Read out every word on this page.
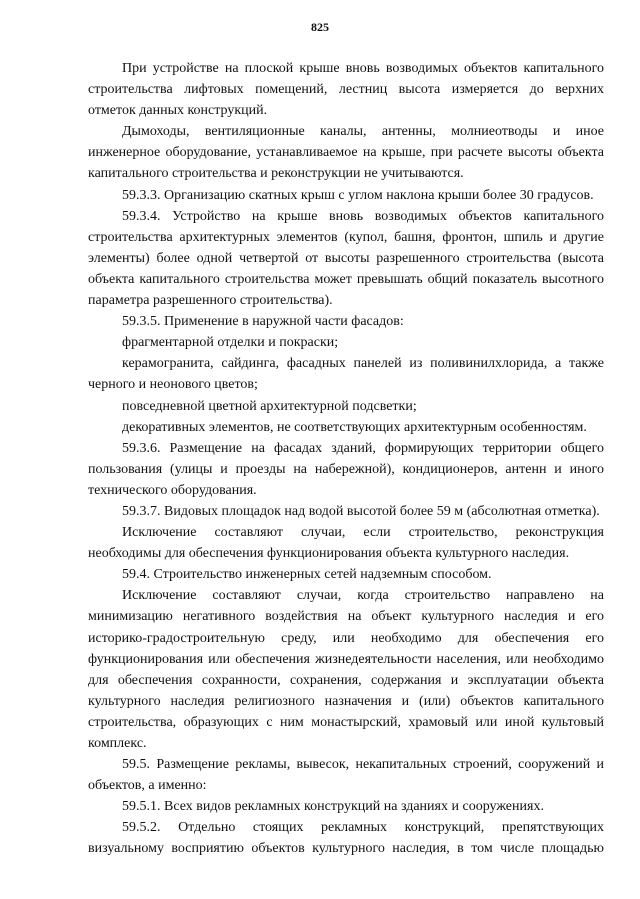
825
При устройстве на плоской крыше вновь возводимых объектов капитального
строительства лифтовых помещений, лестниц высота измеряется до верхних
отметок данных конструкций.
Дымоходы, вентиляционные каналы, антенны, молниеотводы и иное
инженерное оборудование, устанавливаемое на крыше, при расчете высоты объекта
капитального строительства и реконструкции не учитываются.
59.3.3. Организацию скатных крыш с углом наклона крыши более 30 градусов.
59.3.4. Устройство на крыше вновь возводимых объектов капитального
строительства архитектурных элементов (купол, башня, фронтон, шпиль и другие
элементы) более одной четвертой от высоты разрешенного строительства (высота
объекта капитального строительства может превышать общий показатель высотного
параметра разрешенного строительства).
59.3.5. Применение в наружной части фасадов:
фрагментарной отделки и покраски;
керамогранита, сайдинга, фасадных панелей из поливинилхлорида, а также
черного и неонового цветов;
повседневной цветной архитектурной подсветки;
декоративных элементов, не соответствующих архитектурным особенностям.
59.3.6. Размещение на фасадах зданий, формирующих территории общего
пользования (улицы и проезды на набережной), кондиционеров, антенн и иного
технического оборудования.
59.3.7. Видовых площадок над водой высотой более 59 м (абсолютная отметка).
Исключение составляют случаи, если строительство, реконструкция
необходимы для обеспечения функционирования объекта культурного наследия.
59.4. Строительство инженерных сетей надземным способом.
Исключение составляют случаи, когда строительство направлено на
минимизацию негативного воздействия на объект культурного наследия и его
историко-градостроительную среду, или необходимо для обеспечения его
функционирования или обеспечения жизнедеятельности населения, или необходимо
для обеспечения сохранности, сохранения, содержания и эксплуатации объекта
культурного наследия религиозного назначения и (или) объектов капитального
строительства, образующих с ним монастырский, храмовый или иной культовый
комплекс.
59.5. Размещение рекламы, вывесок, некапитальных строений, сооружений и
объектов, а именно:
59.5.1. Всех видов рекламных конструкций на зданиях и сооружениях.
59.5.2. Отдельно стоящих рекламных конструкций, препятствующих
визуальному восприятию объектов культурного наследия, в том числе площадью
